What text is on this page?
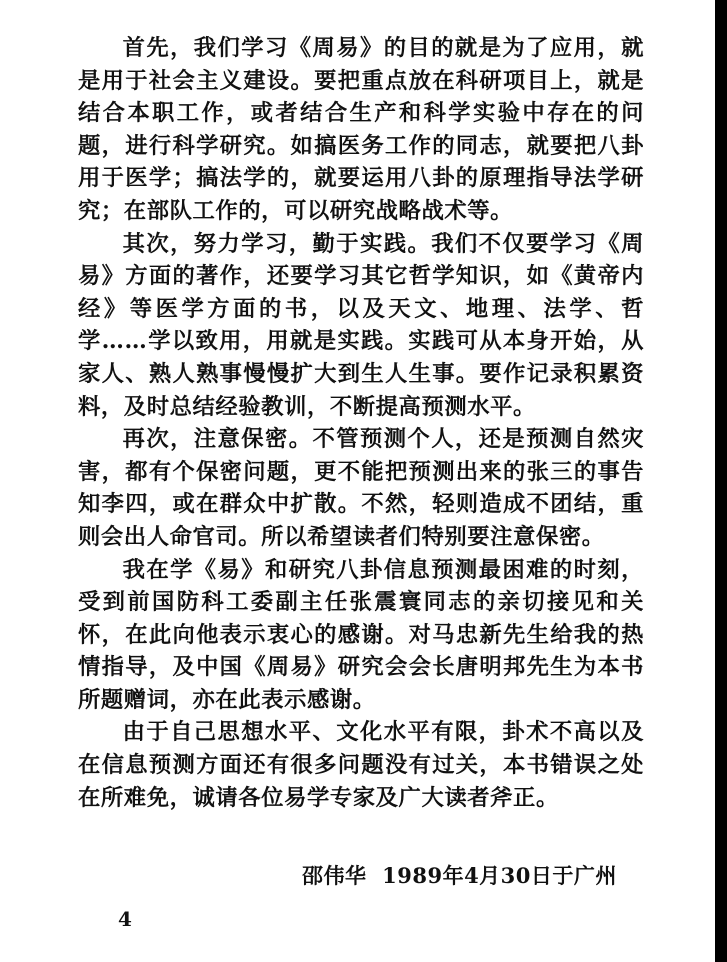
首先，我们学习《周易》的目的就是为了应用，就是用于社会主义建设。要把重点放在科研项目上，就是结合本职工作，或者结合生产和科学实验中存在的问题，进行科学研究。如搞医务工作的同志，就要把八卦用于医学；搞法学的，就要运用八卦的原理指导法学研究；在部队工作的，可以研究战略战术等。

其次，努力学习，勤于实践。我们不仅要学习《周易》方面的著作，还要学习其它哲学知识，如《黄帝内经》等医学方面的书，以及天文、地理、法学、哲学……学以致用，用就是实践。实践可从本身开始，从家人、熟人熟事慢慢扩大到生人生事。要作记录积累资料，及时总结经验教训，不断提高预测水平。

再次，注意保密。不管预测个人，还是预测自然灾害，都有个保密问题，更不能把预测出来的张三的事告知李四，或在群众中扩散。不然，轻则造成不团结，重则会出人命官司。所以希望读者们特别要注意保密。

我在学《易》和研究八卦信息预测最困难的时刻，受到前国防科工委副主任张震寰同志的亲切接见和关怀，在此向他表示衷心的感谢。对马忠新先生给我的热情指导，及中国《周易》研究会会长唐明邦先生为本书所题赠词，亦在此表示感谢。

由于自己思想水平、文化水平有限，卦术不高以及在信息预测方面还有很多问题没有过关，本书错误之处在所难免，诚请各位易学专家及广大读者斧正。

邵伟华  1989年4月30日于广州
4
